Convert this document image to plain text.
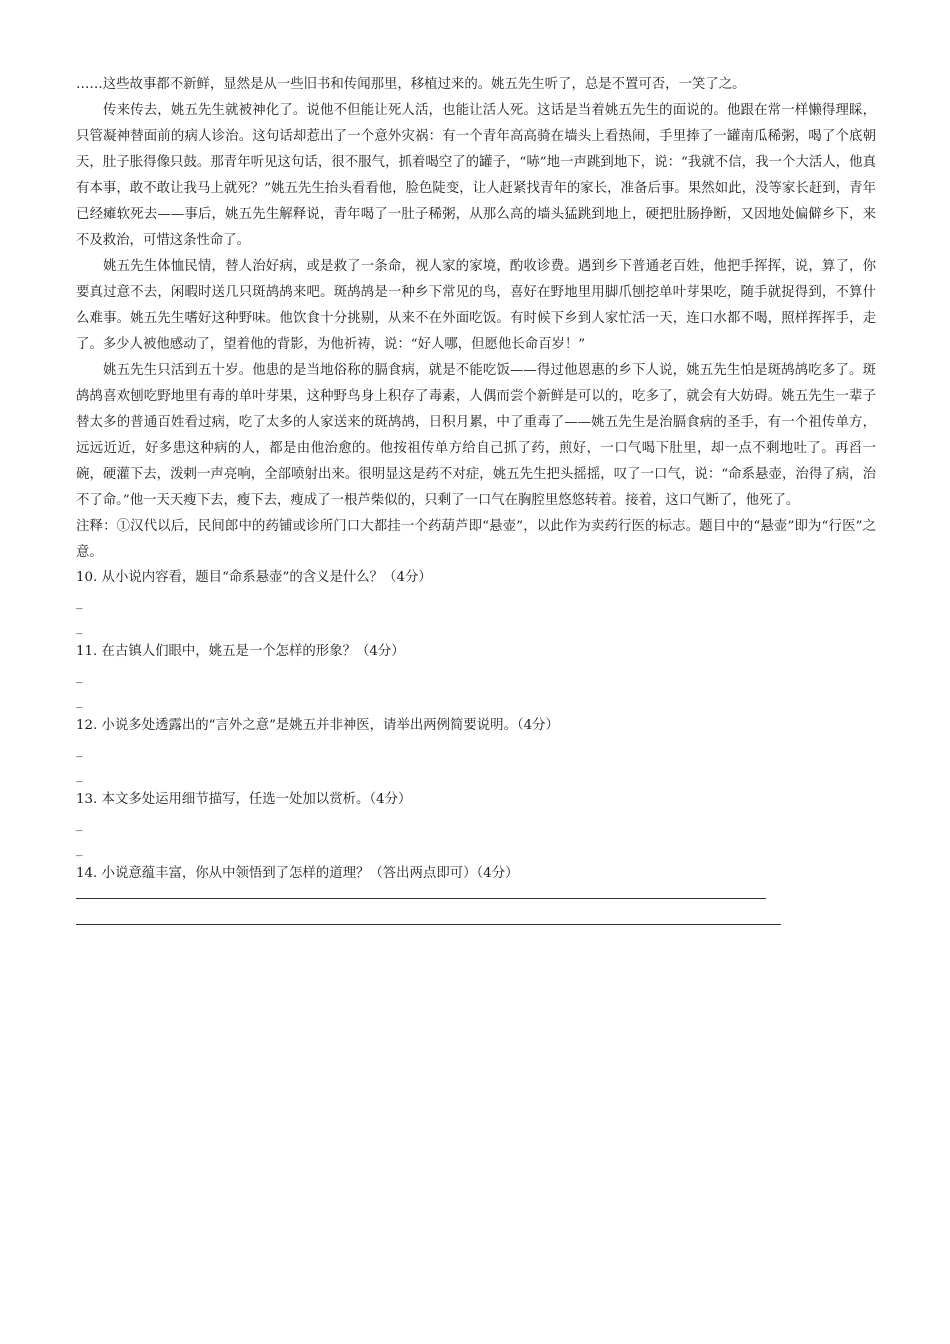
……这些故事都不新鲜，显然是从一些旧书和传闻那里，移植过来的。姚五先生听了，总是不置可否，一笑了之。

传来传去，姚五先生就被神化了。说他不但能让死人活，也能让活人死。这话是当着姚五先生的面说的。他跟在常一样懒得理睬，只管凝神替面前的病人诊治。这句话却惹出了一个意外灾祸：有一个青年高高骑在墙头上看热闹，手里捧了一罐南瓜稀粥，喝了个底朝天，肚子胀得像只鼓。那青年听见这句话，很不服气，抓着喝空了的罐子，“哧”地一声跳到地下，说：“我就不信，我一个大活人，他真有本事，敢不敢让我马上就死？”姚五先生抬头看看他，脸色陡变，让人赶紧找青年的家长，准备后事。果然如此，没等家长赶到，青年已经瘫软死去——事后，姚五先生解释说，青年喝了一肚子稀粥，从那么高的墙头猛跳到地上，硬把肚肠挣断，又因地处偏僻乡下，来不及救治，可惜这条性命了。

姚五先生体恤民情，替人治好病，或是救了一条命，视人家的家境，酌收诊费。遇到乡下普通老百姓，他把手挥挥，说，算了，你要真过意不去，闲暇时送几只斑鸪鸪来吧。斑鸪鸪是一种乡下常见的鸟，喜好在野地里用脚爪刨挖单叶芽果吃，随手就捉得到，不算什么难事。姚五先生嗜好这种野味。他饮食十分挑剔，从来不在外面吃饭。有时候下乡到人家忙活一天，连口水都不喝，照样挥挥手，走了。多少人被他感动了，望着他的背影，为他祈祷，说：“好人哪，但愿他长命百岁！”

姚五先生只活到五十岁。他患的是当地俗称的膈食病，就是不能吃饭——得过他恩惠的乡下人说，姚五先生怕是斑鸪鸪吃多了。斑鸪鸪喜欢刨吃野地里有毒的单叶芽果，这种野鸟身上积存了毒素，人偶而尝个新鲜是可以的，吃多了，就会有大妨碍。姚五先生一辈子替太多的普通百姓看过病，吃了太多的人家送来的斑鸪鸪，日积月累，中了重毒了——姚五先生是治膈食病的圣手，有一个祖传单方，远远近近，好多患这种病的人，都是由他治愈的。他按祖传单方给自己抓了药，煎好，一口气喝下肚里，却一点不剩地吐了。再舀一碗，硬灌下去，泼剌一声亮响，全部喷射出来。很明显这是药不对症，姚五先生把头摇摇，叹了一口气，说：“命系悬壶，治得了病，治不了命。”他一天天瘦下去，瘦下去，瘦成了一根芦柴似的，只剩了一口气在胸腔里悠悠转着。接着，这口气断了，他死了。

注释：①汉代以后，民间郎中的药铺或诊所门口大都挂一个药葫芦即“悬壶”，以此作为卖药行医的标志。题目中的“悬壶”即为“行医”之意。

10. 从小说内容看，题目“命系悬壶”的含义是什么？（4分）

_

_

11. 在古镇人们眼中，姚五是一个怎样的形象？（4分）

_

_

12. 小说多处透露出的“言外之意”是姚五并非神医，请举出两例简要说明。（4分）

_

_

13. 本文多处运用细节描写，任选一处加以赏析。（4分）

_

_

14. 小说意蕴丰富，你从中领悟到了怎样的道理？（答出两点即可）（4分）
